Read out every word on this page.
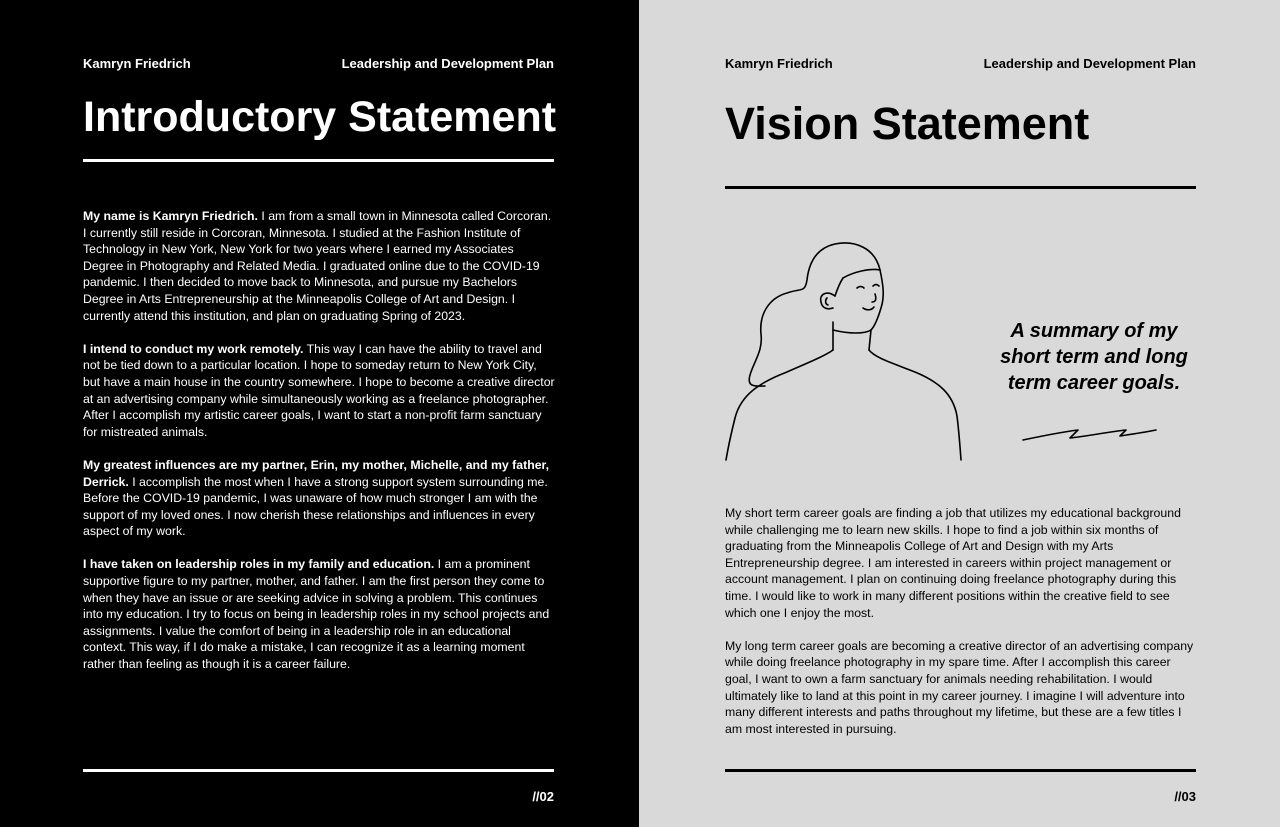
Kamryn Friedrich	Leadership and Development Plan
Introductory Statement

My name is Kamryn Friedrich. I am from a small town in Minnesota called Corcoran. I currently still reside in Corcoran, Minnesota. I studied at the Fashion Institute of Technology in New York, New York for two years where I earned my Associates Degree in Photography and Related Media. I graduated online due to the COVID-19 pandemic. I then decided to move back to Minnesota, and pursue my Bachelors Degree in Arts Entrepreneurship at the Minneapolis College of Art and Design. I currently attend this institution, and plan on graduating Spring of 2023.

I intend to conduct my work remotely. This way I can have the ability to travel and not be tied down to a particular location. I hope to someday return to New York City, but have a main house in the country somewhere. I hope to become a creative director at an advertising company while simultaneously working as a freelance photographer. After I accomplish my artistic career goals, I want to start a non-profit farm sanctuary for mistreated animals.

My greatest influences are my partner, Erin, my mother, Michelle, and my father, Derrick. I accomplish the most when I have a strong support system surrounding me. Before the COVID-19 pandemic, I was unaware of how much stronger I am with the support of my loved ones. I now cherish these relationships and influences in every aspect of my work.

I have taken on leadership roles in my family and education. I am a prominent supportive figure to my partner, mother, and father. I am the first person they come to when they have an issue or are seeking advice in solving a problem. This continues into my education. I try to focus on being in leadership roles in my school projects and assignments. I value the comfort of being in a leadership role in an educational context. This way, if I do make a mistake, I can recognize it as a learning moment rather than feeling as though it is a career failure.

//02
Kamryn Friedrich	Leadership and Development Plan
Vision Statement
A summary of my short term and long term career goals.

My short term career goals are finding a job that utilizes my educational background while challenging me to learn new skills. I hope to find a job within six months of graduating from the Minneapolis College of Art and Design with my Arts Entrepreneurship degree. I am interested in careers within project management or account management. I plan on continuing doing freelance photography during this time. I would like to work in many different positions within the creative field to see which one I enjoy the most.

My long term career goals are becoming a creative director of an advertising company while doing freelance photography in my spare time. After I accomplish this career goal, I want to own a farm sanctuary for animals needing rehabilitation. I would ultimately like to land at this point in my career journey. I imagine I will adventure into many different interests and paths throughout my lifetime, but these are a few titles I am most interested in pursuing.

//03
